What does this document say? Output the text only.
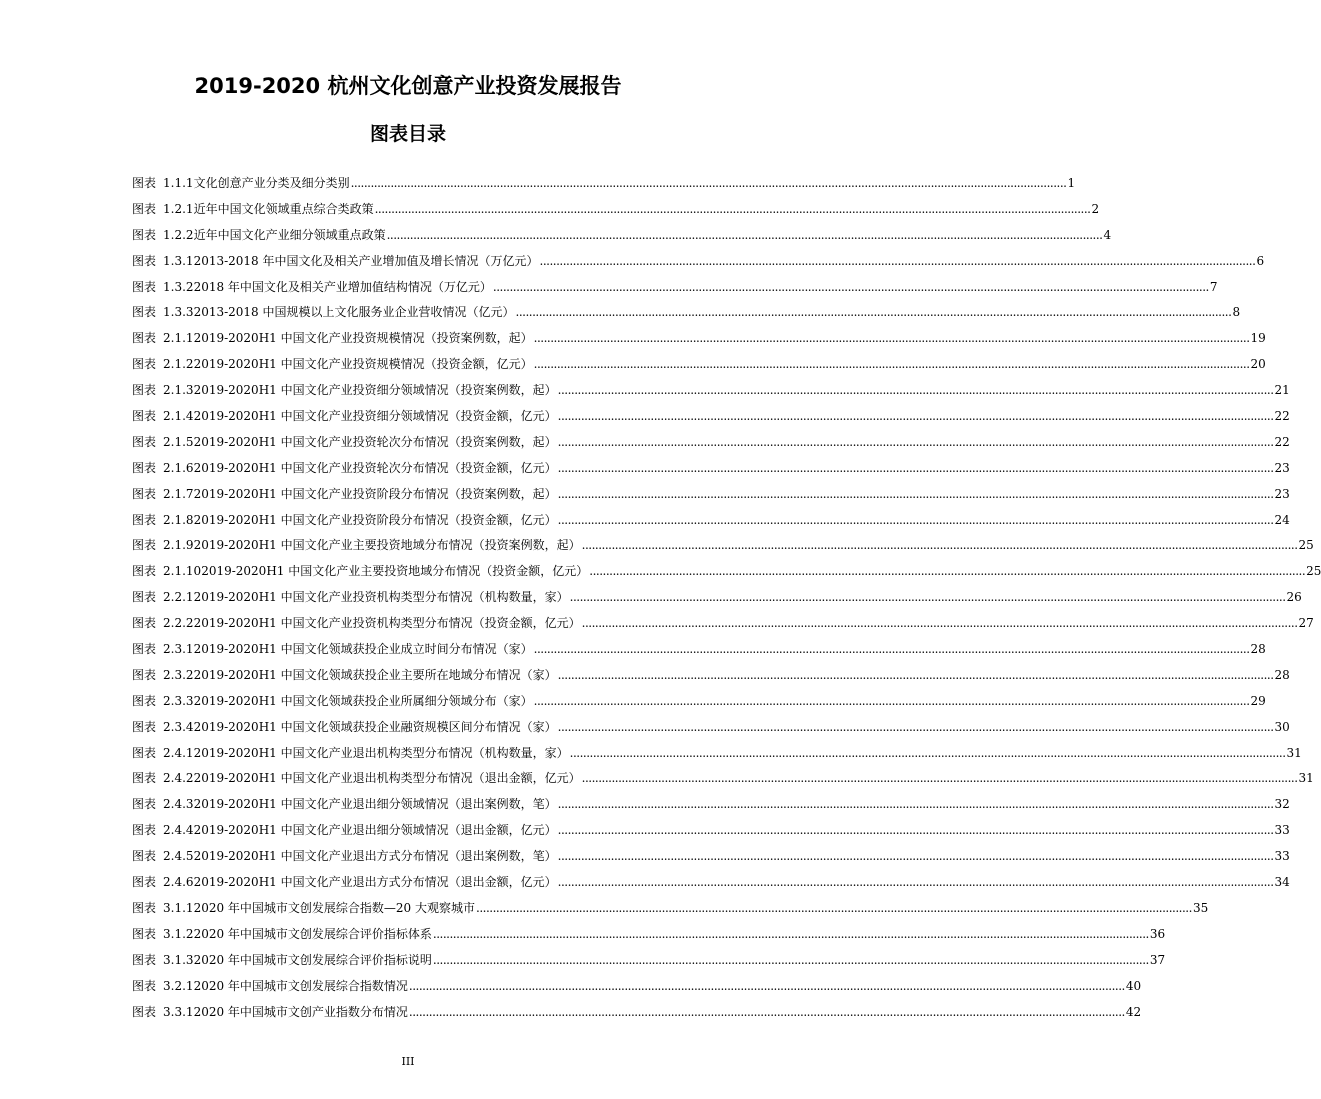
2019-2020 杭州文化创意产业投资发展报告
图表目录
图表 1.1.1 文化创意产业分类及细分类别 .....	1
图表 1.2.1 近年中国文化领域重点综合类政策 .....	2
图表 1.2.2 近年中国文化产业细分领域重点政策 .....	4
图表 1.3.1 2013-2018 年中国文化及相关产业增加值及增长情况（万亿元） .....	6
图表 1.3.2 2018 年中国文化及相关产业增加值结构情况（万亿元） .....	7
图表 1.3.3 2013-2018 中国规模以上文化服务业企业营收情况（亿元） .....	8
图表 2.1.1 2019-2020H1 中国文化产业投资规模情况（投资案例数，起） .....	19
图表 2.1.2 2019-2020H1 中国文化产业投资规模情况（投资金额，亿元） .....	20
图表 2.1.3 2019-2020H1 中国文化产业投资细分领域情况（投资案例数，起） .....	21
图表 2.1.4 2019-2020H1 中国文化产业投资细分领域情况（投资金额，亿元） .....	22
图表 2.1.5 2019-2020H1 中国文化产业投资轮次分布情况（投资案例数，起） .....	22
图表 2.1.6 2019-2020H1 中国文化产业投资轮次分布情况（投资金额，亿元） .....	23
图表 2.1.7 2019-2020H1 中国文化产业投资阶段分布情况（投资案例数，起） .....	23
图表 2.1.8 2019-2020H1 中国文化产业投资阶段分布情况（投资金额，亿元） .....	24
图表 2.1.9 2019-2020H1 中国文化产业主要投资地域分布情况（投资案例数，起） .....	25
图表 2.1.10 2019-2020H1 中国文化产业主要投资地域分布情况（投资金额，亿元） .....	25
图表 2.2.1 2019-2020H1 中国文化产业投资机构类型分布情况（机构数量，家） .....	26
图表 2.2.2 2019-2020H1 中国文化产业投资机构类型分布情况（投资金额，亿元） .....	27
图表 2.3.1 2019-2020H1 中国文化领域获投企业成立时间分布情况（家） .....	28
图表 2.3.2 2019-2020H1 中国文化领域获投企业主要所在地域分布情况（家） .....	28
图表 2.3.3 2019-2020H1 中国文化领域获投企业所属细分领域分布（家） .....	29
图表 2.3.4 2019-2020H1 中国文化领域获投企业融资规模区间分布情况（家） .....	30
图表 2.4.1 2019-2020H1 中国文化产业退出机构类型分布情况（机构数量，家） .....	31
图表 2.4.2 2019-2020H1 中国文化产业退出机构类型分布情况（退出金额，亿元） .....	31
图表 2.4.3 2019-2020H1 中国文化产业退出细分领域情况（退出案例数，笔） .....	32
图表 2.4.4 2019-2020H1 中国文化产业退出细分领域情况（退出金额，亿元） .....	33
图表 2.4.5 2019-2020H1 中国文化产业退出方式分布情况（退出案例数，笔） .....	33
图表 2.4.6 2019-2020H1 中国文化产业退出方式分布情况（退出金额，亿元） .....	34
图表 3.1.1 2020 年中国城市文创发展综合指数—20 大观察城市 .....	35
图表 3.1.2 2020 年中国城市文创发展综合评价指标体系 .....	36
图表 3.1.3 2020 年中国城市文创发展综合评价指标说明 .....	37
图表 3.2.1 2020 年中国城市文创发展综合指数情况 .....	40
图表 3.3.1 2020 年中国城市文创产业指数分布情况 .....	42
III
